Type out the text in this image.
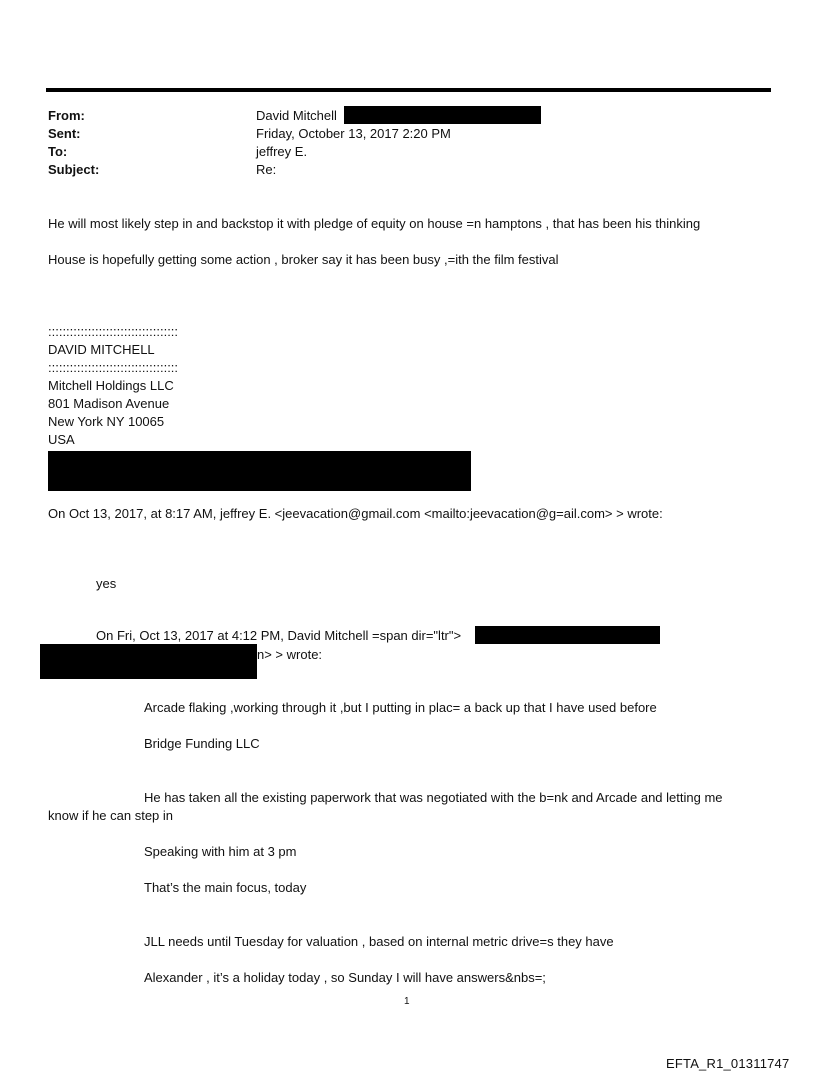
From:	David Mitchell
Sent:	Friday, October 13, 2017 2:20 PM
To:	jeffrey E.
Subject:	Re:
He will most likely step in and backstop it with pledge of equity on house =n hamptons , that has been his thinking
House is hopefully getting some action , broker say it has been busy ,=ith the film festival
::::::::::::::::::::::::::::::::::::
DAVID MITCHELL
::::::::::::::::::::::::::::::::::::
Mitchell Holdings LLC
801 Madison Avenue
New York NY 10065
USA
On Oct 13, 2017, at 8:17 AM, jeffrey E. <jeevacation@gmail.com <mailto:jeevacation@g=ail.com> > wrote:
yes
On Fri, Oct 13, 2017 at 4:12 PM, David Mitchell =span dir="ltr">
n> > wrote:
Arcade flaking ,working through it ,but I putting in plac= a back up that I have used before
Bridge Funding LLC
He has taken all the existing paperwork that was negotiated with the b=nk and Arcade and letting me
know if he can step in
Speaking with him at 3 pm
That’s the main focus, today
JLL needs until Tuesday for valuation , based on internal metric drive=s they have
Alexander , it’s a holiday today , so Sunday I will have answers&nbs=;
1
EFTA_R1_01311747
